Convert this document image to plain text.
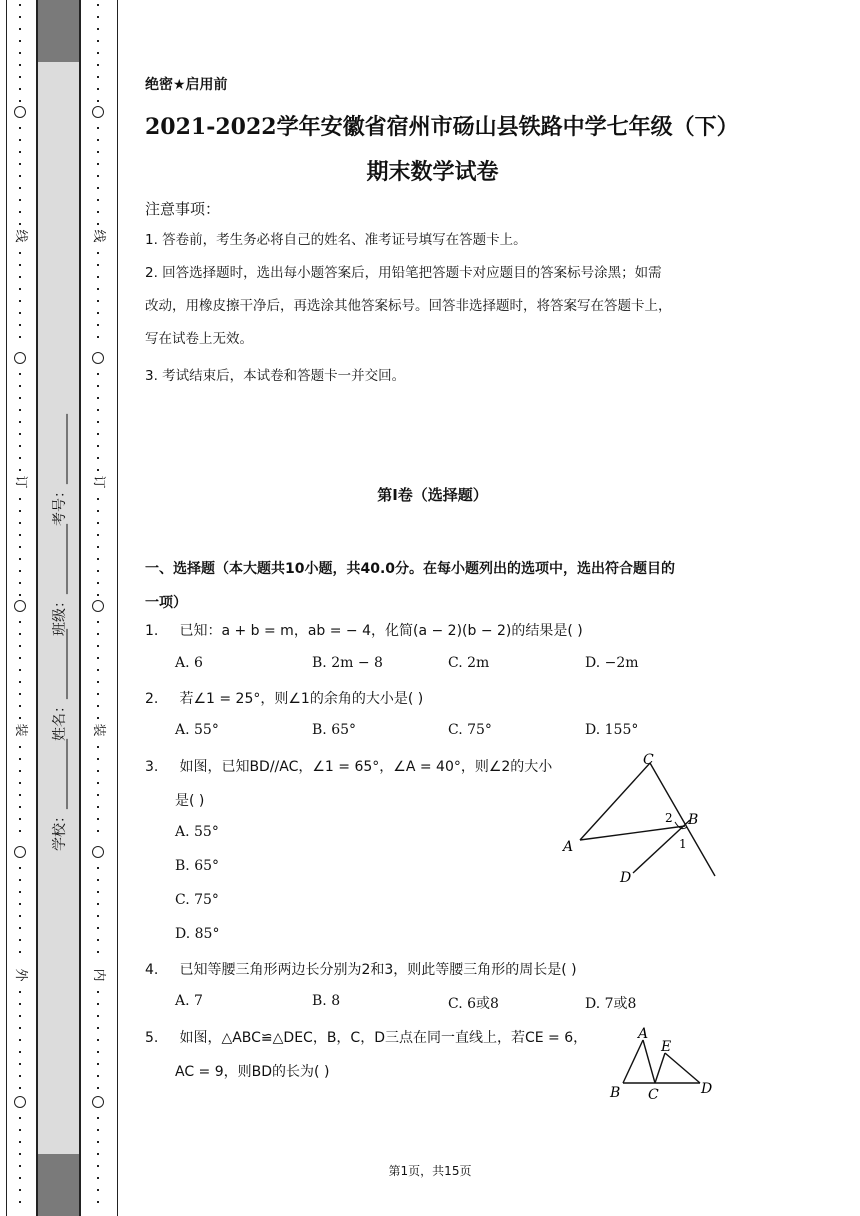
线
订
装
外
线
订
装
内
学校：__________
姓名：__________
班级：__________
考号：__________
绝密★启用前
2021-2022学年安徽省宿州市砀山县铁路中学七年级（下）
期末数学试卷
注意事项：
1. 答卷前，考生务必将自己的姓名、准考证号填写在答题卡上。
2. 回答选择题时，选出每小题答案后，用铅笔把答题卡对应题目的答案标号涂黑；如需
改动，用橡皮擦干净后，再选涂其他答案标号。回答非选择题时，将答案写在答题卡上，
写在试卷上无效。
3. 考试结束后，本试卷和答题卡一并交回。
第I卷（选择题）
一、选择题（本大题共10小题，共40.0分。在每小题列出的选项中，选出符合题目的
一项）
1. 已知：a + b = m，ab = − 4，化简(a − 2)(b − 2)的结果是( )
A. 6	B. 2m − 8	C. 2m	D. −2m
2. 若∠1 = 25°，则∠1的余角的大小是( )
A. 55°	B. 65°	C. 75°	D. 155°
3. 如图，已知BD//AC，∠1 = 65°，∠A = 40°，则∠2的大小
是( )
A. 55°
B. 65°
C. 75°
D. 85°
4. 已知等腰三角形两边长分别为2和3，则此等腰三角形的周长是( )
A. 7	B. 8	C. 6或8	D. 7或8
5. 如图，△ABC≌△DEC，B，C，D三点在同一直线上，若CE = 6，
AC = 9，则BD的长为( )
C
2 B
A	1
D
A
E
B C	D
第1页，共15页
